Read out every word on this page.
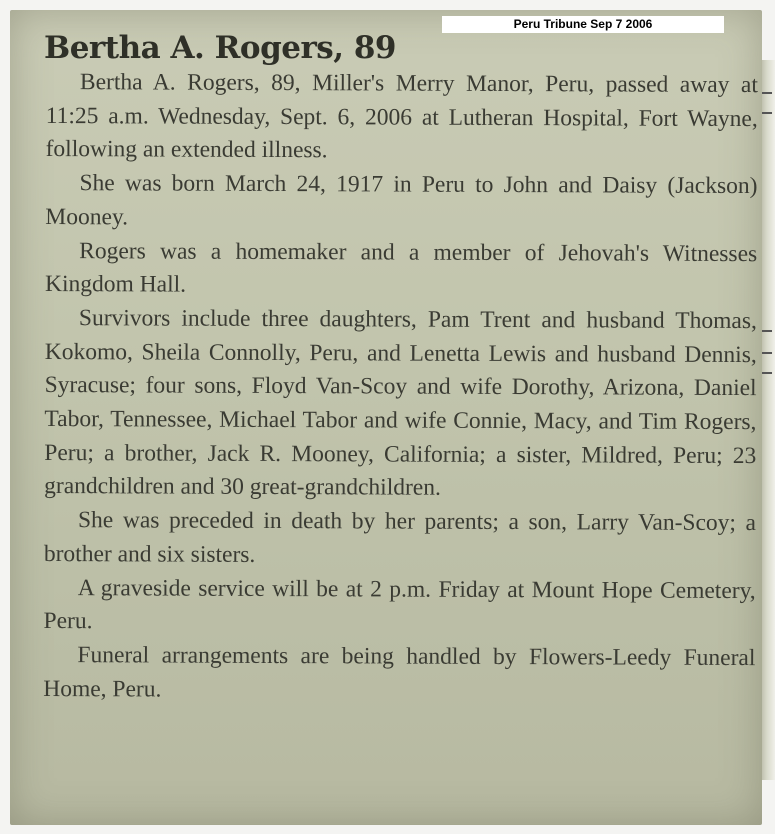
Bertha A. Rogers, 89

Bertha A. Rogers, 89, Miller's Merry Manor, Peru, passed away at 11:25 a.m. Wednesday, Sept. 6, 2006 at Lutheran Hospital, Fort Wayne, following an extended illness.

She was born March 24, 1917 in Peru to John and Daisy (Jackson) Mooney.

Rogers was a homemaker and a member of Jehovah's Witnesses Kingdom Hall.

Survivors include three daughters, Pam Trent and husband Thomas, Kokomo, Sheila Connolly, Peru, and Lenetta Lewis and husband Dennis, Syracuse; four sons, Floyd Van-Scoy and wife Dorothy, Arizona, Daniel Tabor, Tennessee, Michael Tabor and wife Connie, Macy, and Tim Rogers, Peru; a brother, Jack R. Mooney, California; a sister, Mildred, Peru; 23 grandchildren and 30 great-grandchildren.

She was preceded in death by her parents; a son, Larry Van-Scoy; a brother and six sisters.

A graveside service will be at 2 p.m. Friday at Mount Hope Cemetery, Peru.

Funeral arrangements are being handled by Flowers-Leedy Funeral Home, Peru.

Peru Tribune Sep 7 2006
